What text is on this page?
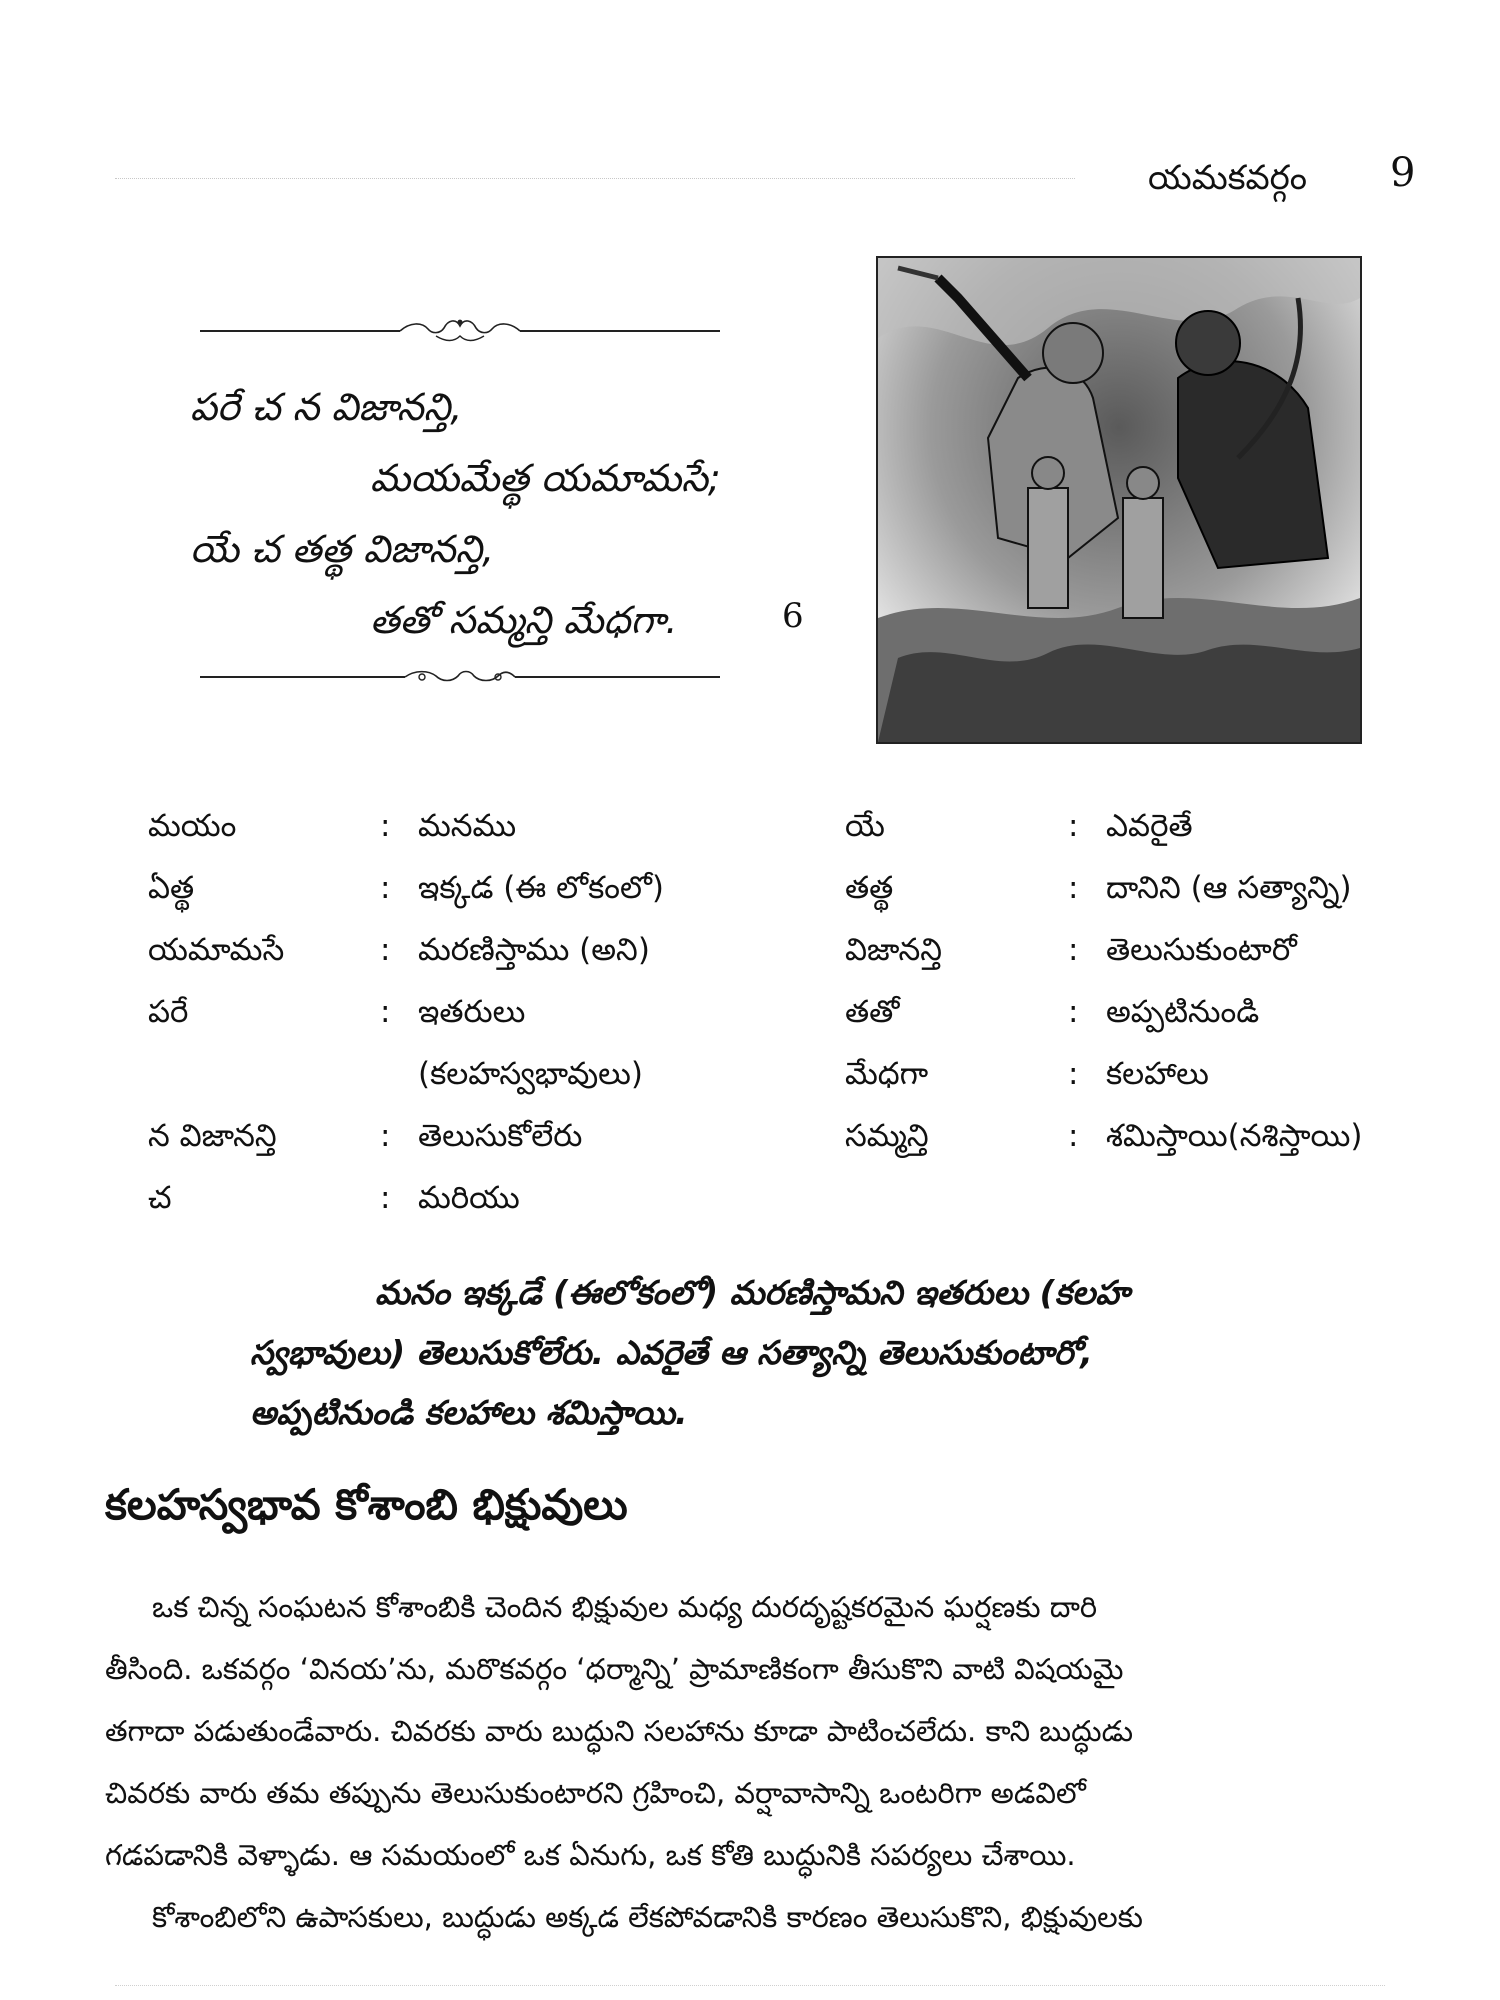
యమకవర్గం 9
పరే చ న విజానన్తి,
మయమేత్థ యమామసే;
యే చ తత్థ విజానన్తి,
తతో సమ్మన్తి మేధగా.	6
మయం	: మనము
ఏత్థ	: ఇక్కడ (ఈ లోకంలో)
యమామసే	: మరణిస్తాము (అని)
పరే	: ఇతరులు
(కలహస్వభావులు)
న విజానన్తి	: తెలుసుకోలేరు
చ	: మరియు
యే	: ఎవరైతే
తత్థ	: దానిని (ఆ సత్యాన్ని)
విజానన్తి	: తెలుసుకుంటారో
తతో	: అప్పటినుండి
మేధగా	: కలహాలు
సమ్మన్తి	: శమిస్తాయి(నశిస్తాయి)
మనం ఇక్కడే (ఈలోకంలో) మరణిస్తామని ఇతరులు (కలహ
స్వభావులు) తెలుసుకోలేరు. ఎవరైతే ఆ సత్యాన్ని తెలుసుకుంటారో,
అప్పటినుండి కలహాలు శమిస్తాయి.
కలహస్వభావ కోశాంబి భిక్షువులు
ఒక చిన్న సంఘటన కోశాంబికి చెందిన భిక్షువుల మధ్య దురదృష్టకరమైన ఘర్షణకు దారి
తీసింది. ఒకవర్గం ‘వినయ’ను, మరొకవర్గం ‘ధర్మాన్ని’ ప్రామాణికంగా తీసుకొని వాటి విషయమై
తగాదా పడుతుండేవారు. చివరకు వారు బుద్ధుని సలహాను కూడా పాటించలేదు. కాని బుద్ధుడు
చివరకు వారు తమ తప్పును తెలుసుకుంటారని గ్రహించి, వర్షావాసాన్ని ఒంటరిగా అడవిలో
గడపడానికి వెళ్ళాడు. ఆ సమయంలో ఒక ఏనుగు, ఒక కోతి బుద్ధునికి సపర్యలు చేశాయి.
కోశాంబిలోని ఉపాసకులు, బుద్ధుడు అక్కడ లేకపోవడానికి కారణం తెలుసుకొని, భిక్షువులకు
